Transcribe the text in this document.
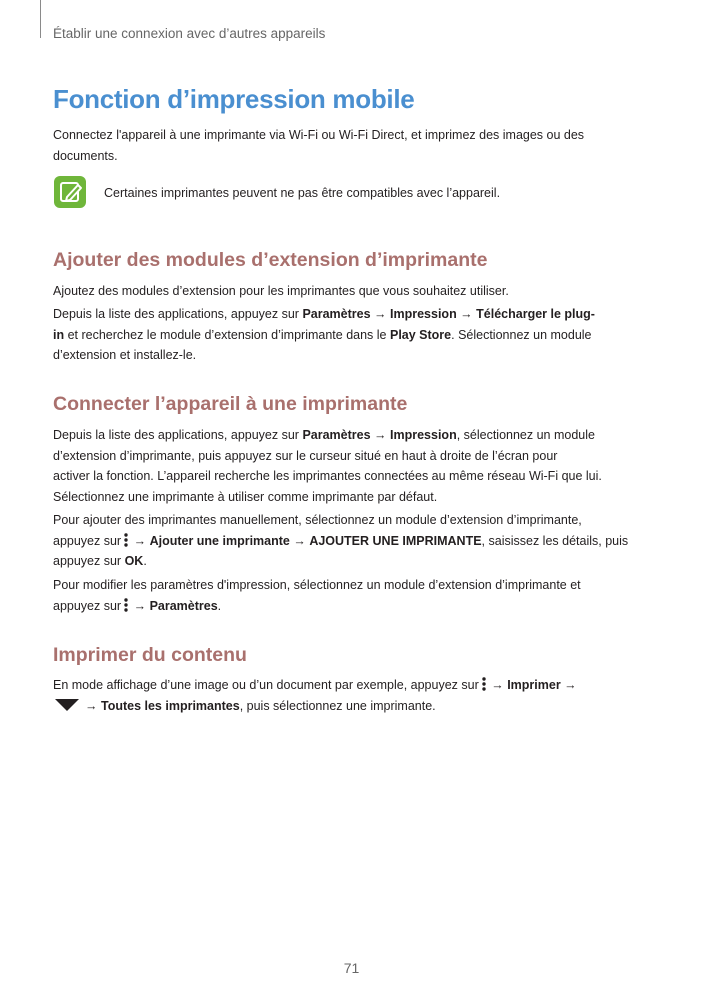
Établir une connexion avec d’autres appareils
Fonction d’impression mobile

Connectez l'appareil à une imprimante via Wi-Fi ou Wi-Fi Direct, et imprimez des images ou des
documents.

Certaines imprimantes peuvent ne pas être compatibles avec l’appareil.
Ajouter des modules d’extension d’imprimante

Ajoutez des modules d’extension pour les imprimantes que vous souhaitez utiliser.

Depuis la liste des applications, appuyez sur Paramètres → Impression → Télécharger le plug-
in et recherchez le module d’extension d’imprimante dans le Play Store. Sélectionnez un module
d’extension et installez-le.

Connecter l’appareil à une imprimante

Depuis la liste des applications, appuyez sur Paramètres → Impression, sélectionnez un module
d’extension d’imprimante, puis appuyez sur le curseur situé en haut à droite de l’écran pour
activer la fonction. L’appareil recherche les imprimantes connectées au même réseau Wi-Fi que lui.
Sélectionnez une imprimante à utiliser comme imprimante par défaut.

Pour ajouter des imprimantes manuellement, sélectionnez un module d’extension d’imprimante,
appuyez sur → Ajouter une imprimante → AJOUTER UNE IMPRIMANTE, saisissez les détails, puis
appuyez sur OK.

Pour modifier les paramètres d'impression, sélectionnez un module d’extension d’imprimante et
appuyez sur → Paramètres.

Imprimer du contenu

En mode affichage d’une image ou d’un document par exemple, appuyez sur → Imprimer →
→ Toutes les imprimantes, puis sélectionnez une imprimante.

71
